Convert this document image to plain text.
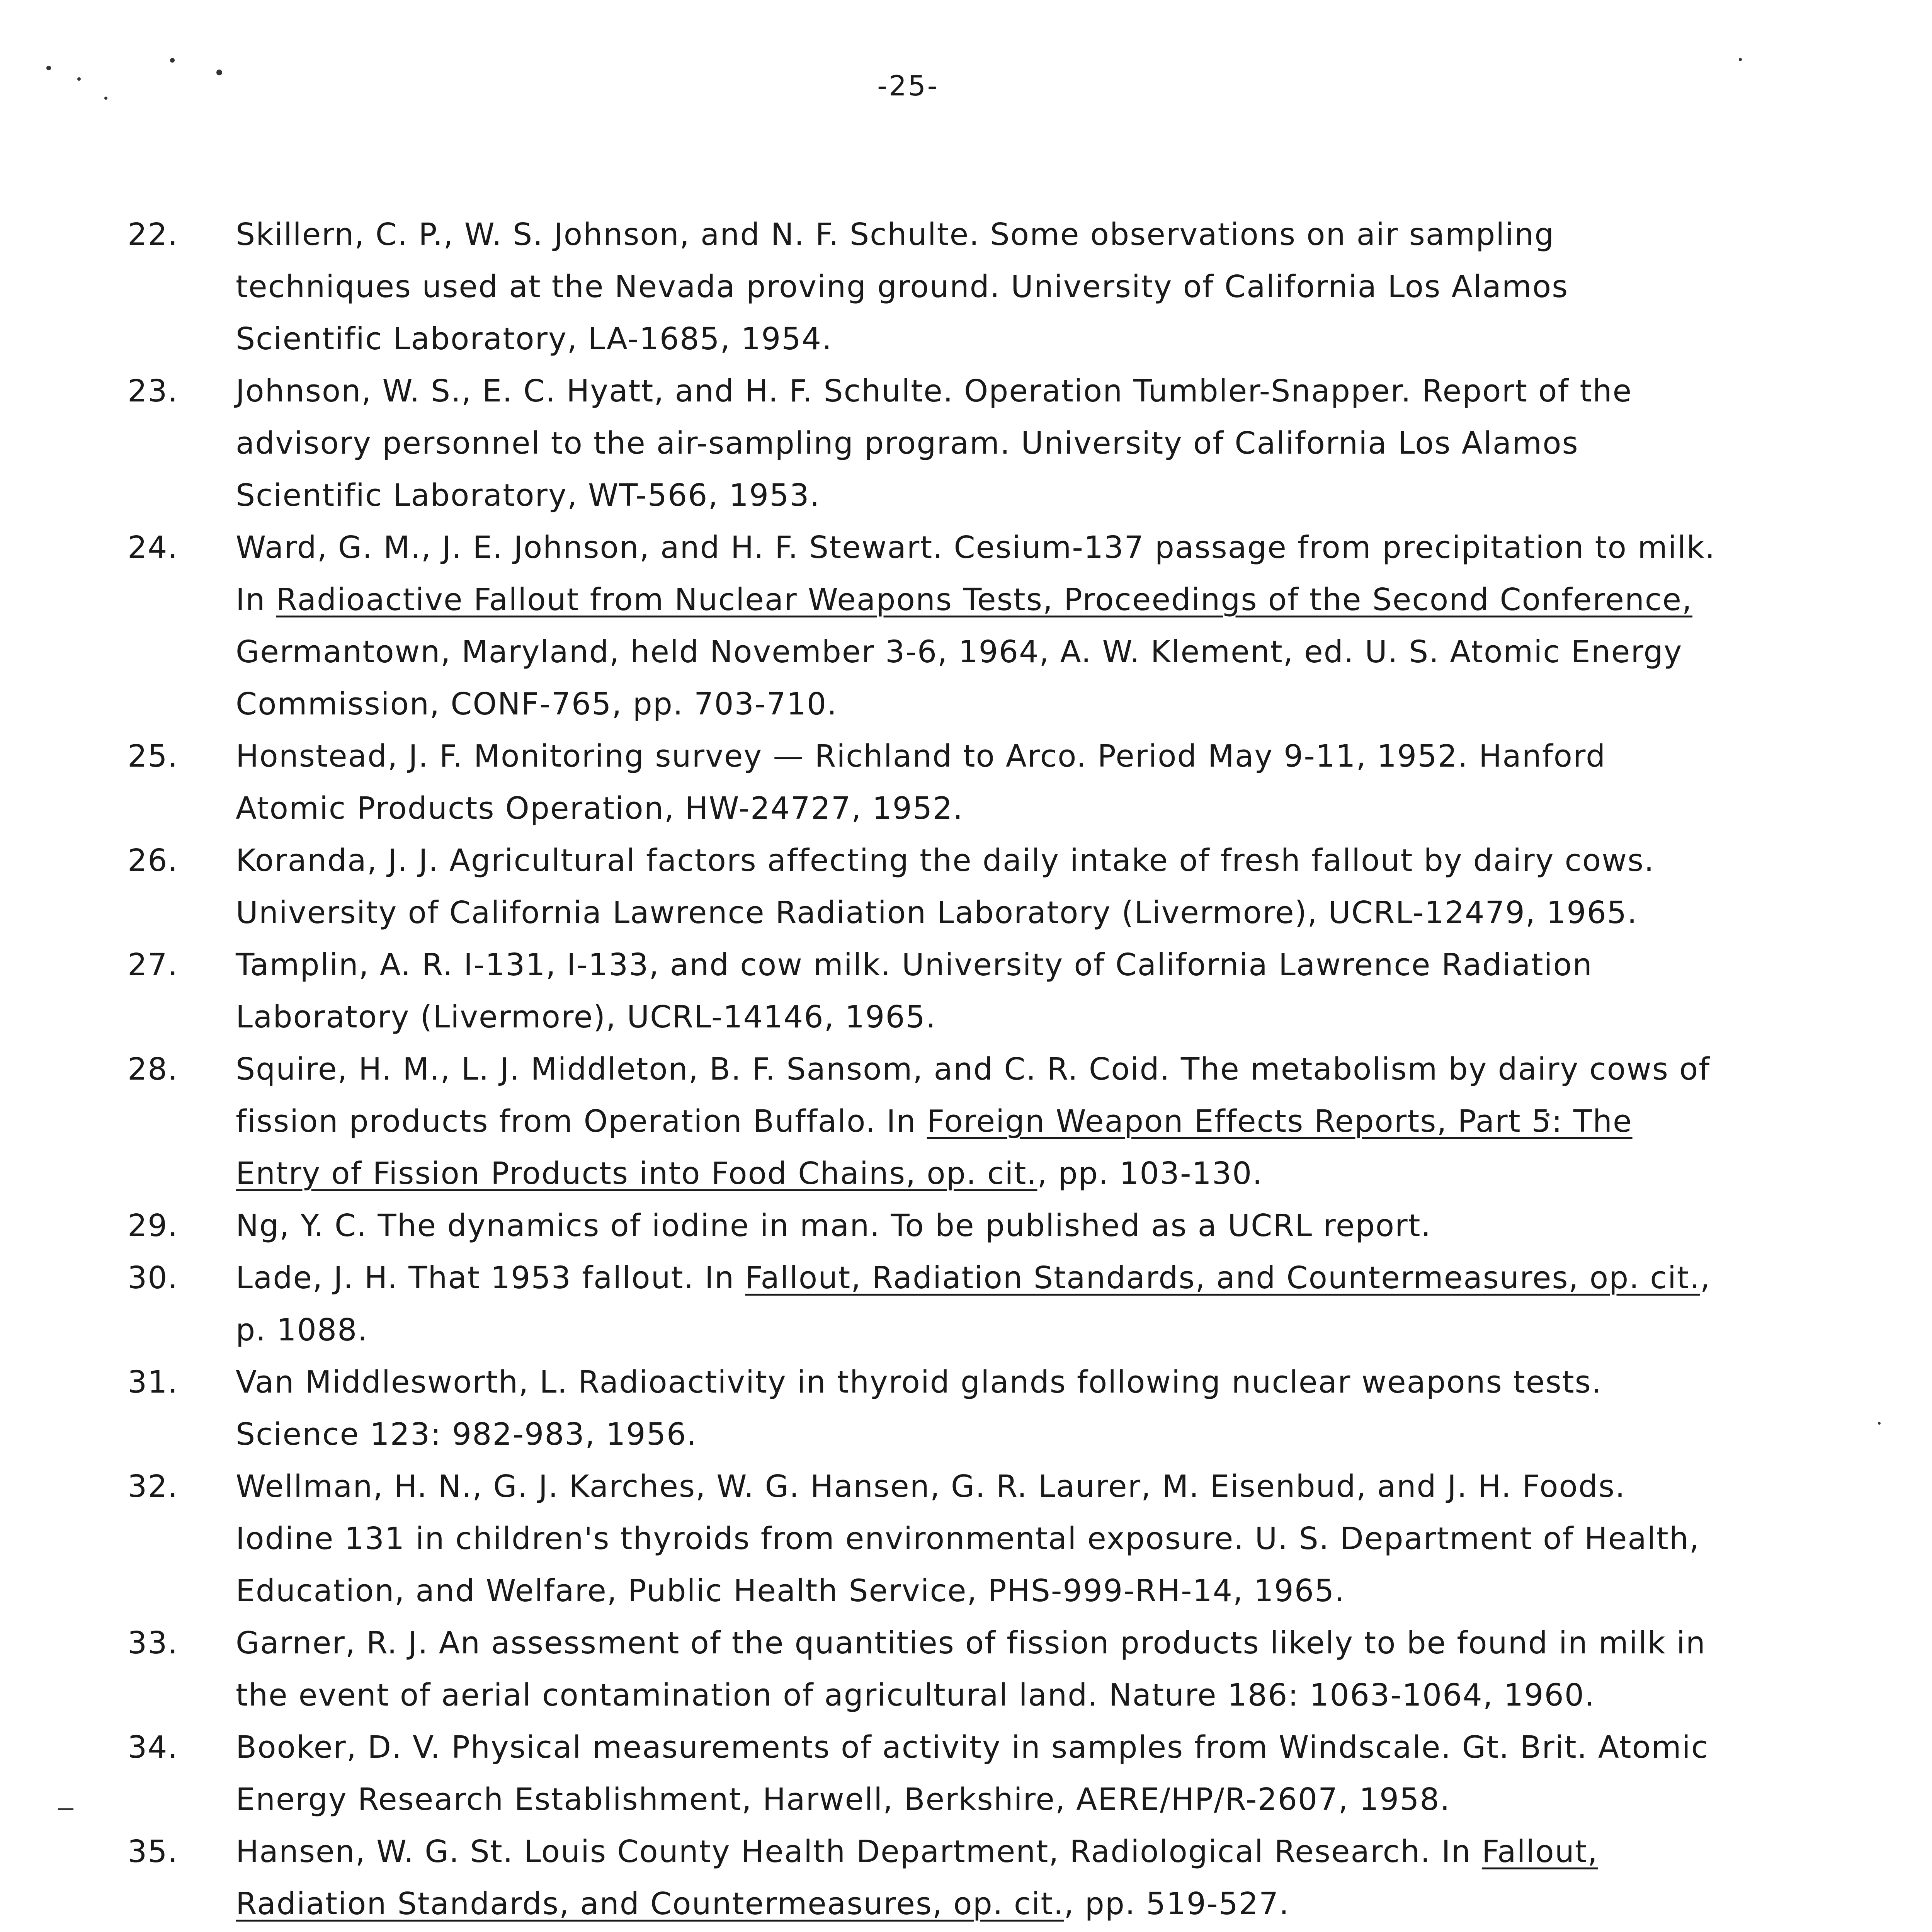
-25-
22. Skillern, C. P., W. S. Johnson, and N. F. Schulte. Some observations on air sampling techniques used at the Nevada proving ground. University of California Los Alamos Scientific Laboratory, LA-1685, 1954.
23. Johnson, W. S., E. C. Hyatt, and H. F. Schulte. Operation Tumbler-Snapper. Report of the advisory personnel to the air-sampling program. University of California Los Alamos Scientific Laboratory, WT-566, 1953.
24. Ward, G. M., J. E. Johnson, and H. F. Stewart. Cesium-137 passage from precipitation to milk. In Radioactive Fallout from Nuclear Weapons Tests, Proceedings of the Second Conference, Germantown, Maryland, held November 3-6, 1964, A. W. Klement, ed. U. S. Atomic Energy Commission, CONF-765, pp. 703-710.
25. Honstead, J. F. Monitoring survey — Richland to Arco. Period May 9-11, 1952. Hanford Atomic Products Operation, HW-24727, 1952.
26. Koranda, J. J. Agricultural factors affecting the daily intake of fresh fallout by dairy cows. University of California Lawrence Radiation Laboratory (Livermore), UCRL-12479, 1965.
27. Tamplin, A. R. I-131, I-133, and cow milk. University of California Lawrence Radiation Laboratory (Livermore), UCRL-14146, 1965.
28. Squire, H. M., L. J. Middleton, B. F. Sansom, and C. R. Coid. The metabolism by dairy cows of fission products from Operation Buffalo. In Foreign Weapon Effects Reports, Part 5: The Entry of Fission Products into Food Chains, op. cit., pp. 103-130.
29. Ng, Y. C. The dynamics of iodine in man. To be published as a UCRL report.
30. Lade, J. H. That 1953 fallout. In Fallout, Radiation Standards, and Countermeasures, op. cit., p. 1088.
31. Van Middlesworth, L. Radioactivity in thyroid glands following nuclear weapons tests. Science 123: 982-983, 1956.
32. Wellman, H. N., G. J. Karches, W. G. Hansen, G. R. Laurer, M. Eisenbud, and J. H. Foods. Iodine 131 in children's thyroids from environmental exposure. U. S. Department of Health, Education, and Welfare, Public Health Service, PHS-999-RH-14, 1965.
33. Garner, R. J. An assessment of the quantities of fission products likely to be found in milk in the event of aerial contamination of agricultural land. Nature 186: 1063-1064, 1960.
34. Booker, D. V. Physical measurements of activity in samples from Windscale. Gt. Brit. Atomic Energy Research Establishment, Harwell, Berkshire, AERE/HP/R-2607, 1958.
35. Hansen, W. G. St. Louis County Health Department, Radiological Research. In Fallout, Radiation Standards, and Countermeasures, op. cit., pp. 519-527.
